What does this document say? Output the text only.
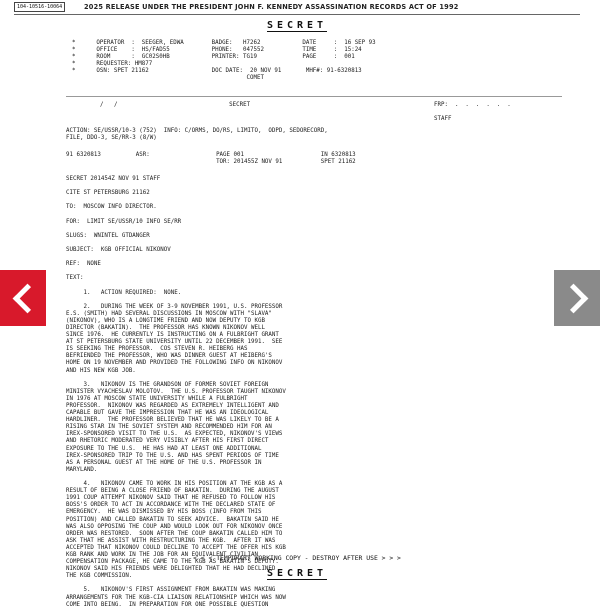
104-10516-10064	2025 RELEASE UNDER THE PRESIDENT JOHN F. KENNEDY ASSASSINATION RECORDS ACT OF 1992
SECRET
*      OPERATOR  :  SEEGER, EDWA        BADGE:   H7262            DATE     :  16 SEP 93
*      OFFICE    :  HS/FAD55            PHONE:   047552           TIME     :  15:24
*      ROOM      :  GC02S0HB            PRINTER: TG19             PAGE     :  001
*      REQUESTER: HM877
*      OSN: SPET 21162                  DOC DATE:  20 NOV 91       MHF#: 91-6320813
COMET
/   /                                SECRET	FRP:  .  .  .  .  .  .

STAFF
ACTION: SE/USSR/10-3 (752)  INFO: C/ORMS, DO/RS, LIMITO,  ODPD, SEDORECORD,
FILE, DDO-3, SE/RR-3 (8/W)
91 6320813          ASR:                   PAGE 001                      IN 6320813
TOR: 201455Z NOV 91           SPET 21162
SECRET 201454Z NOV 91 STAFF

CITE ST PETERSBURG 21162

TO:  MOSCOW INFO DIRECTOR.

FOR:  LIMIT SE/USSR/10 INFO SE/RR

SLUGS:  WNINTEL GTDANGER

SUBJECT:  KGB OFFICIAL NIKONOV

REF:  NONE

TEXT:

1.   ACTION REQUIRED:  NONE.

2.   DURING THE WEEK OF 3-9 NOVEMBER 1991, U.S. PROFESSOR
E.S. (SMITH) HAD SEVERAL DISCUSSIONS IN MOSCOW WITH "SLAVA"
(NIKONOV), WHO IS A LONGTIME FRIEND AND NOW DEPUTY TO KGB
DIRECTOR (BAKATIN).  THE PROFESSOR HAS KNOWN NIKONOV WELL
SINCE 1976.  HE CURRENTLY IS INSTRUCTING ON A FULBRIGHT GRANT
AT ST PETERSBURG STATE UNIVERSITY UNTIL 22 DECEMBER 1991.  SEE
IS SEEKING THE PROFESSOR.  COS STEVEN R. HEIBERG HAS
BEFRIENDED THE PROFESSOR, WHO WAS DINNER GUEST AT HEIBERG'S
HOME ON 19 NOVEMBER AND PROVIDED THE FOLLOWING INFO ON NIKONOV
AND HIS NEW KGB JOB.

3.   NIKONOV IS THE GRANDSON OF FORMER SOVIET FOREIGN
MINISTER VYACHESLAV MOLOTOV.  THE U.S. PROFESSOR TAUGHT NIKONOV
IN 1976 AT MOSCOW STATE UNIVERSITY WHILE A FULBRIGHT
PROFESSOR.  NIKONOV WAS REGARDED AS EXTREMELY INTELLIGENT AND
CAPABLE BUT GAVE THE IMPRESSION THAT HE WAS AN IDEOLOGICAL
HARDLINER.  THE PROFESSOR BELIEVED THAT HE WAS LIKELY TO BE A
RISING STAR IN THE SOVIET SYSTEM AND RECOMMENDED HIM FOR AN
IREX-SPONSORED VISIT TO THE U.S.  AS EXPECTED, NIKONOV'S VIEWS
AND RHETORIC MODERATED VERY VISIBLY AFTER HIS FIRST DIRECT
EXPOSURE TO THE U.S.  HE HAS HAD AT LEAST ONE ADDITIONAL
IREX-SPONSORED TRIP TO THE U.S. AND HAS SPENT PERIODS OF TIME
AS A PERSONAL GUEST AT THE HOME OF THE U.S. PROFESSOR IN
MARYLAND.

4.   NIKONOV CAME TO WORK IN HIS POSITION AT THE KGB AS A
RESULT OF BEING A CLOSE FRIEND OF BAKATIN.  DURING THE AUGUST
1991 COUP ATTEMPT NIKONOV SAID THAT HE REFUSED TO FOLLOW HIS
BOSS'S ORDER TO ACT IN ACCORDANCE WITH THE DECLARED STATE OF
EMERGENCY.  HE WAS DISMISSED BY HIS BOSS (INFO FROM THIS
POSITION) AND CALLED BAKATIN TO SEEK ADVICE.  BAKATIN SAID HE
WAS ALSO OPPOSING THE COUP AND WOULD LOOK OUT FOR NIKONOV ONCE
ORDER WAS RESTORED.  SOON AFTER THE COUP BAKATIN CALLED HIM TO
ASK THAT HE ASSIST WITH RESTRUCTURING THE KGB.  AFTER IT WAS
ACCEPTED THAT NIKONOV COULD DECLINE TO ACCEPT THE OFFER HIS KGB
KGB RANK AND WORK IN THE JOB FOR AN EQUIVALENT CIVILIAN
COMPENSATION PACKAGE, HE CAME TO THE KGB AS BAKATIN'S DEPUTY.
NIKONOV SAID HIS FRIENDS WERE DELIGHTED THAT HE HAD DECLINED
THE KGB COMMISSION.

5.   NIKONOV'S FIRST ASSIGNMENT FROM BAKATIN WAS MAKING
ARRANGEMENTS FOR THE KGB-CIA LIAISON RELATIONSHIP WHICH WAS NOW
COME INTO BEING.  IN PREPARATION FOR ONE POSSIBLE QUESTION
< < < TEMPORARY WORKING COPY - DESTROY AFTER USE > > >
SECRET
